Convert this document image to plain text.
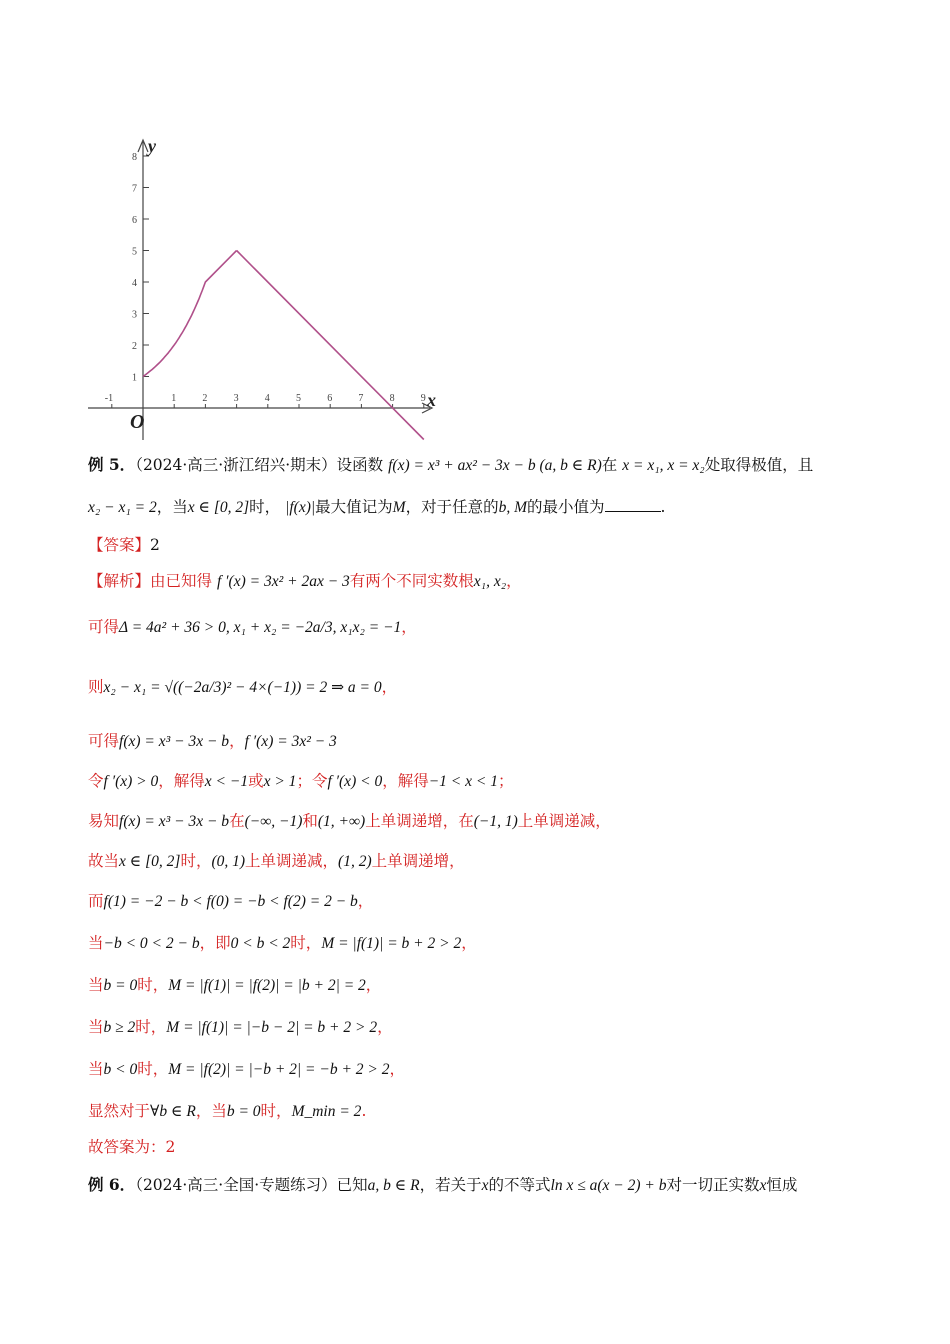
-1	1	2	3	4	5	6	7	8	9
1
2
3
4
5
6
7
8
x
y
O
例 5．（2024·高三·浙江绍兴·期末）设函数 f(x) = x³ + ax² − 3x − b (a, b ∈ R)在 x = x₁, x = x₂处取得极值，且
x₂ − x₁ = 2，当x ∈ [0, 2]时， |f(x)|最大值记为M，对于任意的b, M的最小值为	.
【答案】2
【解析】由已知得 f ′(x) = 3x² + 2ax − 3有两个不同实数根x₁, x₂，
可得Δ = 4a² + 36 > 0, x₁ + x₂ = −2a/3, x₁x₂ = −1，
则x₂ − x₁ = √((−2a/3)² − 4×(−1)) = 2 ⇒ a = 0，
可得f(x) = x³ − 3x − b，f ′(x) = 3x² − 3
令f ′(x) > 0，解得x < −1或x > 1；令f ′(x) < 0，解得−1 < x < 1；
易知f(x) = x³ − 3x − b在(−∞, −1)和(1, +∞)上单调递增，在(−1, 1)上单调递减，
故当x ∈ [0, 2]时，(0, 1)上单调递减，(1, 2)上单调递增，
而f(1) = −2 − b < f(0) = −b < f(2) = 2 − b，
当−b < 0 < 2 − b，即0 < b < 2时，M = |f(1)| = b + 2 > 2，
当b = 0时，M = |f(1)| = |f(2)| = |b + 2| = 2，
当b ≥ 2时，M = |f(1)| = |−b − 2| = b + 2 > 2，
当b < 0时，M = |f(2)| = |−b + 2| = −b + 2 > 2，
显然对于∀b ∈ R，当b = 0时，M_min = 2.
故答案为：2
例 6．（2024·高三·全国·专题练习）已知a, b ∈ R，若关于x的不等式ln x ≤ a(x − 2) + b对一切正实数x恒成
